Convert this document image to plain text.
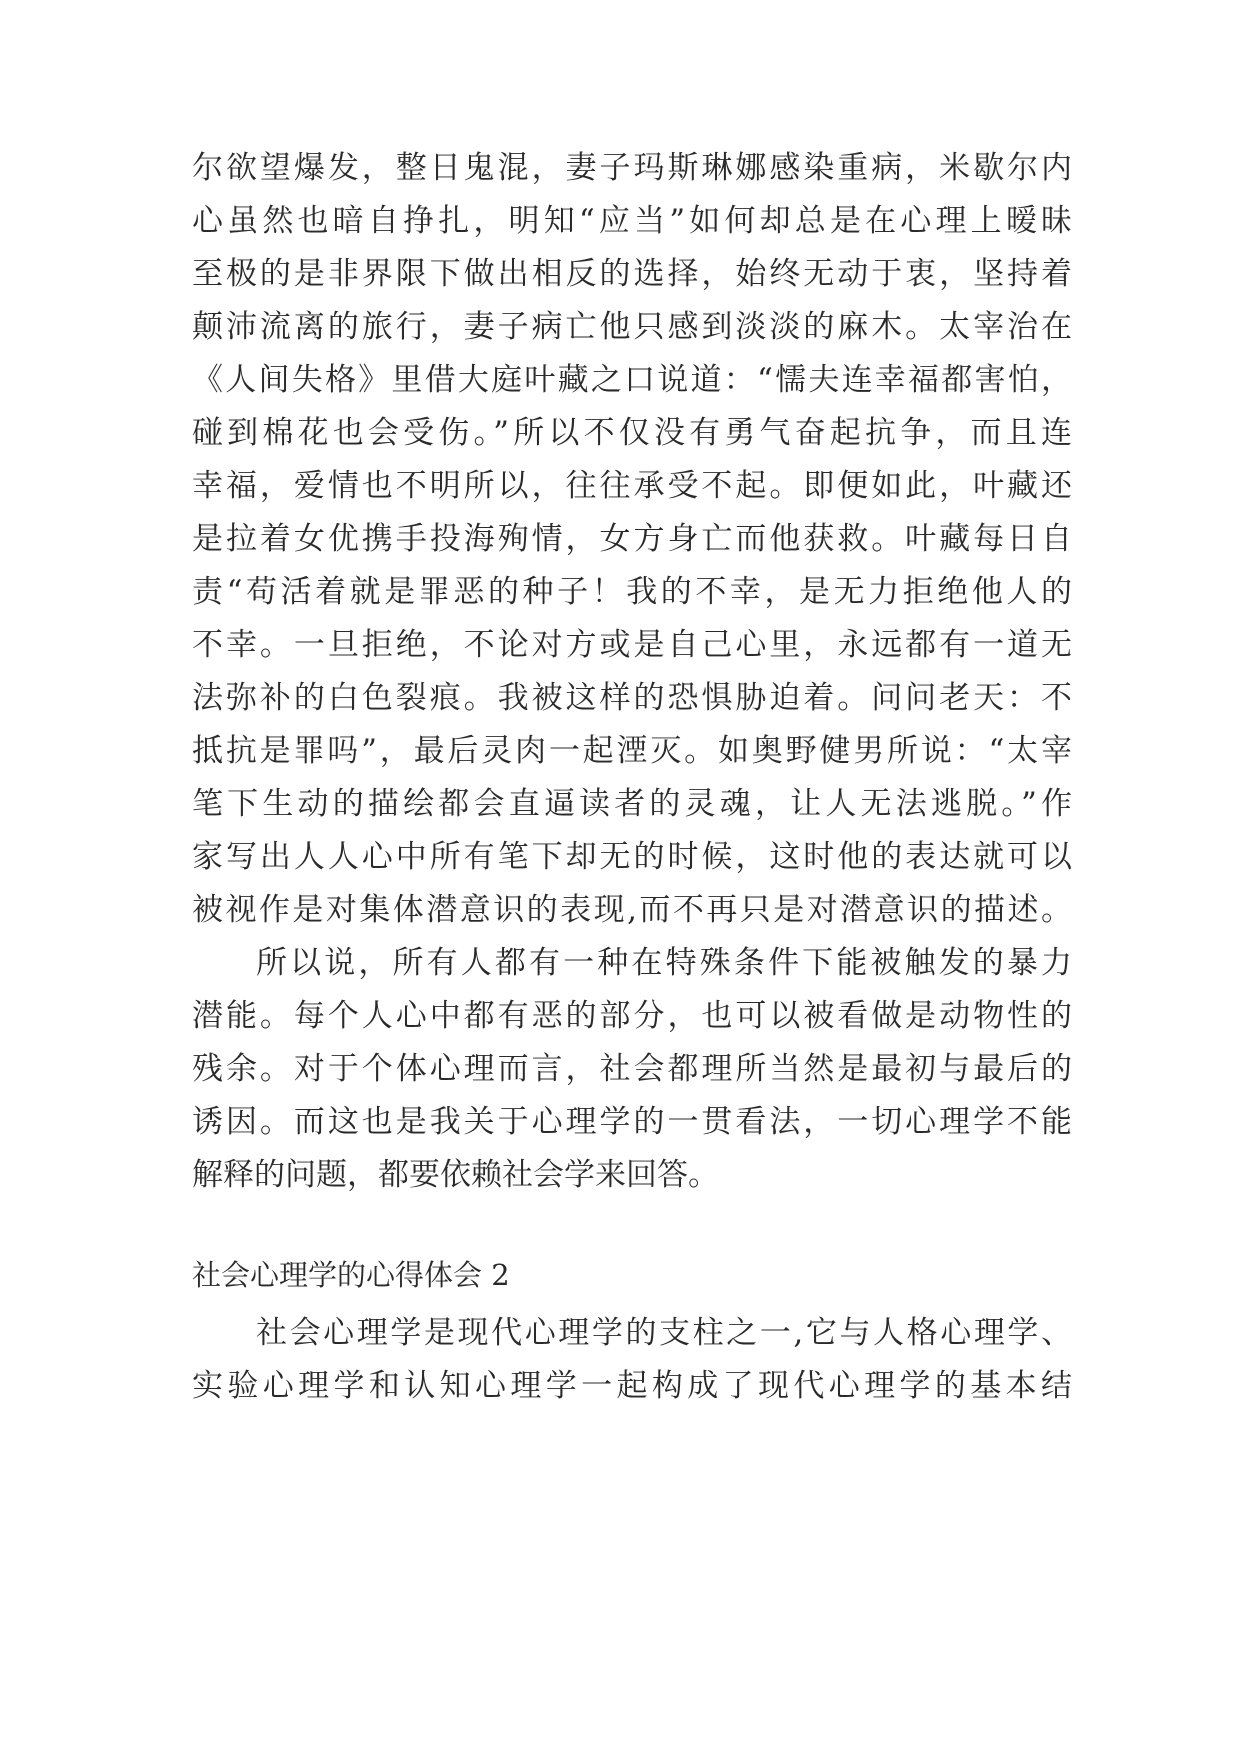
尔欲望爆发，整日鬼混，妻子玛斯琳娜感染重病，米歇尔内
心虽然也暗自挣扎，明知“应当”如何却总是在心理上暧昧
至极的是非界限下做出相反的选择，始终无动于衷，坚持着
颠沛流离的旅行，妻子病亡他只感到淡淡的麻木。太宰治在
《人间失格》里借大庭叶藏之口说道：“懦夫连幸福都害怕，
碰到棉花也会受伤。”所以不仅没有勇气奋起抗争，而且连
幸福，爱情也不明所以，往往承受不起。即便如此，叶藏还
是拉着女优携手投海殉情，女方身亡而他获救。叶藏每日自
责“苟活着就是罪恶的种子！我的不幸，是无力拒绝他人的
不幸。一旦拒绝，不论对方或是自己心里，永远都有一道无
法弥补的白色裂痕。我被这样的恐惧胁迫着。问问老天：不
抵抗是罪吗”，最后灵肉一起湮灭。如奥野健男所说：“太宰
笔下生动的描绘都会直逼读者的灵魂，让人无法逃脱。”作
家写出人人心中所有笔下却无的时候，这时他的表达就可以
被视作是对集体潜意识的表现,而不再只是对潜意识的描述。
所以说，所有人都有一种在特殊条件下能被触发的暴力
潜能。每个人心中都有恶的部分，也可以被看做是动物性的
残余。对于个体心理而言，社会都理所当然是最初与最后的
诱因。而这也是我关于心理学的一贯看法，一切心理学不能
解释的问题，都要依赖社会学来回答。
社会心理学的心得体会 2
社会心理学是现代心理学的支柱之一,它与人格心理学、
实验心理学和认知心理学一起构成了现代心理学的基本结
